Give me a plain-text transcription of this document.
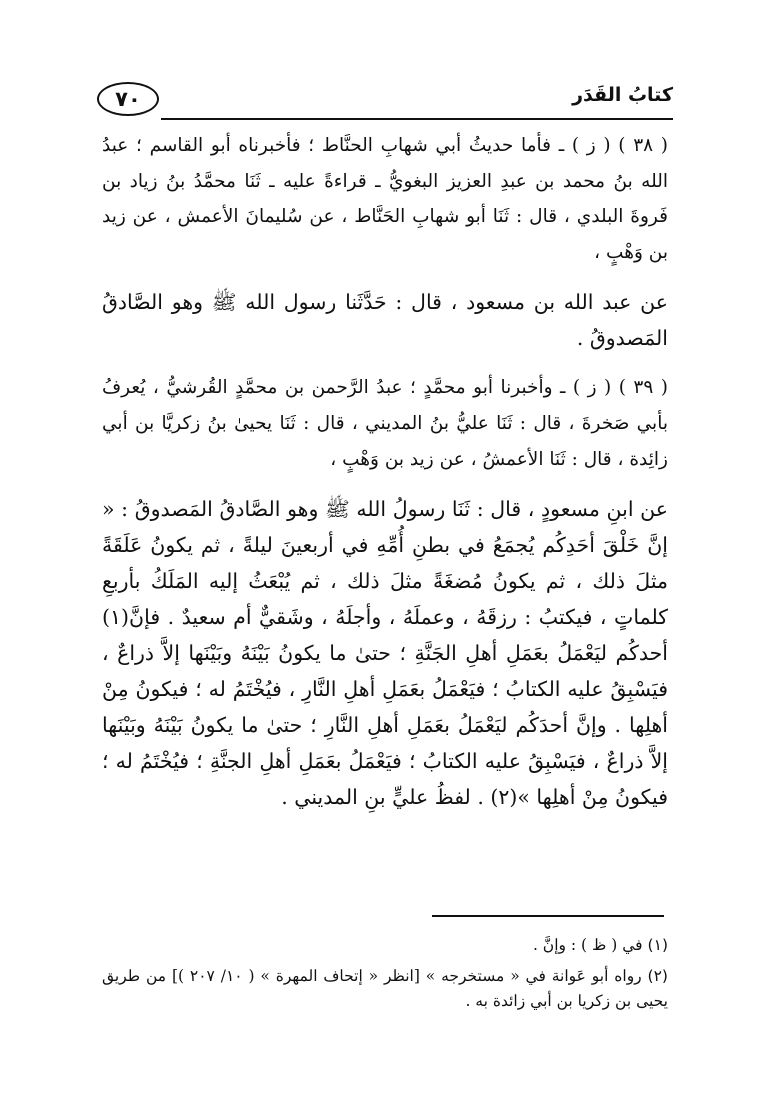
٧٠	كتابُ القَدَر

( ٣٨ ) ( ز ) ـ فأما حديثُ أبي شهابِ الحنَّاط ؛ فأخبرناه أبو القاسم ؛ عبدُ الله بنُ محمد بن عبدِ العزيز البغويُّ ـ قراءةً عليه ـ ثَنَا محمَّدُ بنُ زياد بن فَروةَ البلدي ، قال : ثَنَا أبو شهابِ الحَنَّاط ، عن سُليمانَ الأعمش ، عن زيد بن وَهْبٍ ،

عن عبد الله بن مسعود ، قال : حَدَّثَنا رسول الله ﷺ وهو الصَّادقُ المَصدوقُ .

( ٣٩ ) ( ز ) ـ وأخبرنا أبو محمَّدٍ ؛ عبدُ الرَّحمن بن محمَّدٍ القُرشيُّ ، يُعرفُ بأبي صَخرةَ ، قال : ثَنَا عليُّ بنُ المديني ، قال : ثَنَا يحيىٰ بنُ زكريَّا بن أبي زائِدة ، قال : ثَنَا الأعمشُ ، عن زيد بن وَهْبٍ ،

عن ابنِ مسعودٍ ، قال : ثَنَا رسولُ الله ﷺ وهو الصَّادقُ المَصدوقُ : « إنَّ خَلْقَ أحَدِكُم يُجمَعُ في بطنِ أُمِّهِ في أربعينَ ليلةً ، ثم يكونُ عَلَقَةً مثلَ ذلك ، ثم يكونُ مُضغَةً مثلَ ذلك ، ثم يُبْعَثُ إليه المَلَكُ بأربعِ كلماتٍ ، فيكتبُ : رزقَهُ ، وعملَهُ ، وأجلَهُ ، وشَقيٌّ أم سعيدٌ . فإنَّ(١) أحدكُم ليَعْمَلُ بعَمَلِ أهلِ الجَنَّةِ ؛ حتىٰ ما يكونُ بَيْنَهُ وبَيْنَها إلاَّ ذراعٌ ، فيَسْبِقُ عليه الكتابُ ؛ فيَعْمَلُ بعَمَلِ أهلِ النَّارِ ، فيُخْتَمُ له ؛ فيكونُ مِنْ أهلِها . وإنَّ أحدَكُم ليَعْمَلُ بعَمَلِ أهلِ النَّارِ ؛ حتىٰ ما يكونُ بَيْنَهُ وبَيْنَها إلاَّ ذراعٌ ، فيَسْبِقُ عليه الكتابُ ؛ فيَعْمَلُ بعَمَلِ أهلِ الجنَّةِ ؛ فيُخْتَمُ له ؛ فيكونُ مِنْ أهلِها »(٢) . لفظُ عليٍّ بنِ المديني .

(١) في ( ظ ) : وإنَّ .

(٢) رواه أبو عَوانة في « مستخرجه » [انظر « إتحاف المهرة » ( ١٠/ ٢٠٧ )] من طريق يحيى بن زكريا بن أبي زائدة به .
